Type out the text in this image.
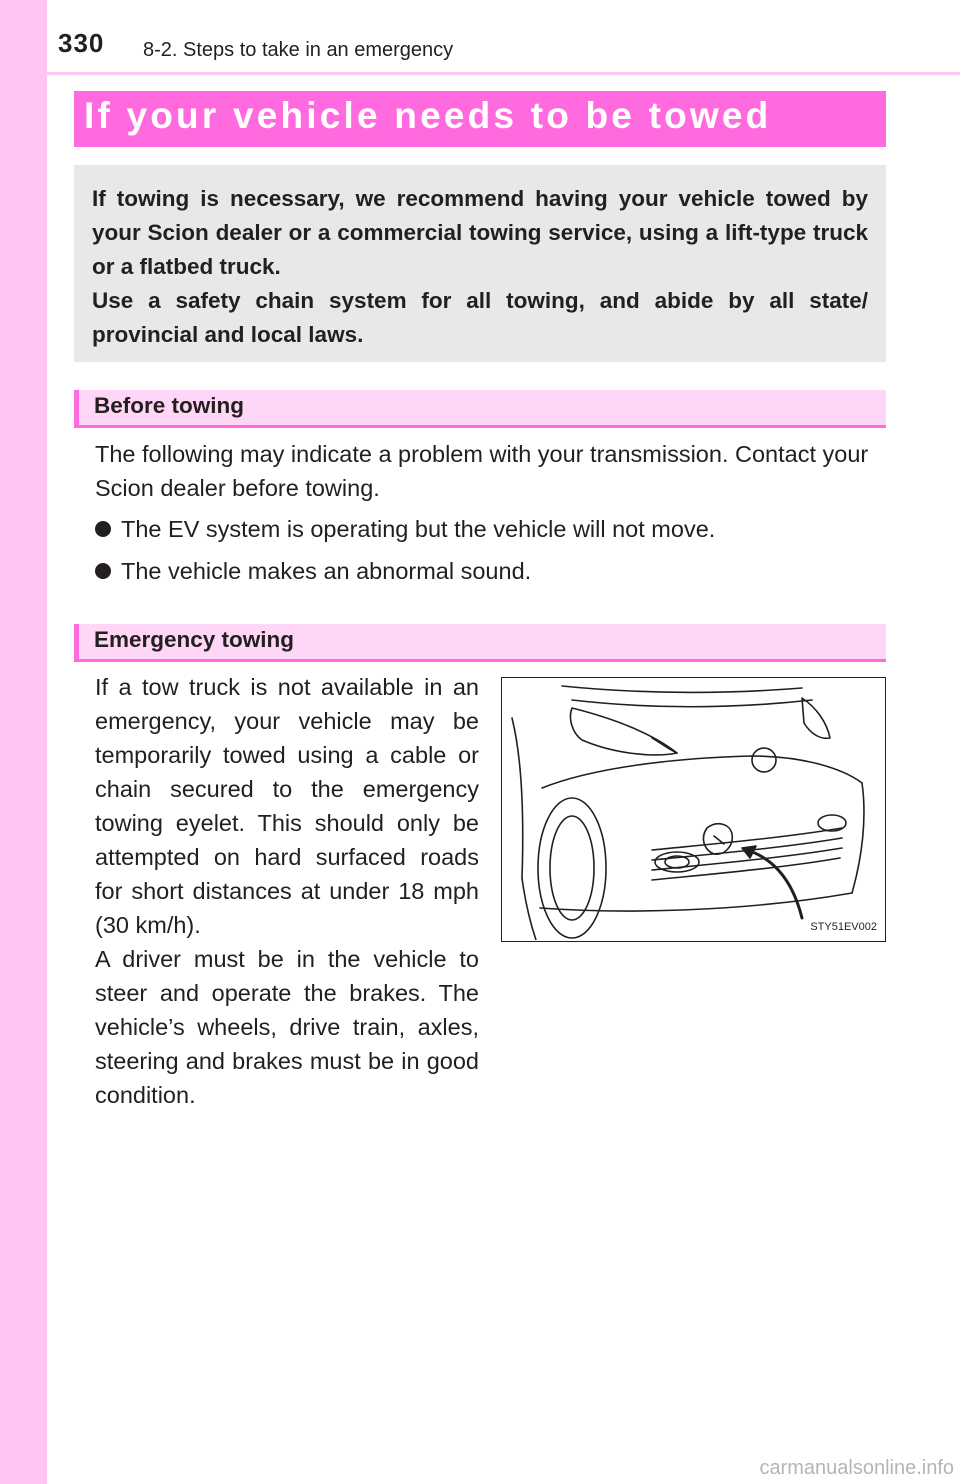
330 8-2. Steps to take in an emergency
If your vehicle needs to be towed

If towing is necessary, we recommend having your vehicle towed by your Scion dealer or a commercial towing service, using a lift-type truck or a flatbed truck.

Use a safety chain system for all towing, and abide by all state/ provincial and local laws.

Before towing

The following may indicate a problem with your transmission. Contact your Scion dealer before towing.

The EV system is operating but the vehicle will not move.
The vehicle makes an abnormal sound.
Emergency towing

If a tow truck is not available in an emergency, your vehicle may be temporarily towed using a cable or chain secured to the emergency towing eyelet. This should only be attempted on hard surfaced roads for short distances at under 18 mph (30 km/h).

A driver must be in the vehicle to steer and operate the brakes. The vehicle’s wheels, drive train, axles, steering and brakes must be in good condition.

STY51EV002
carmanualsonline.info
